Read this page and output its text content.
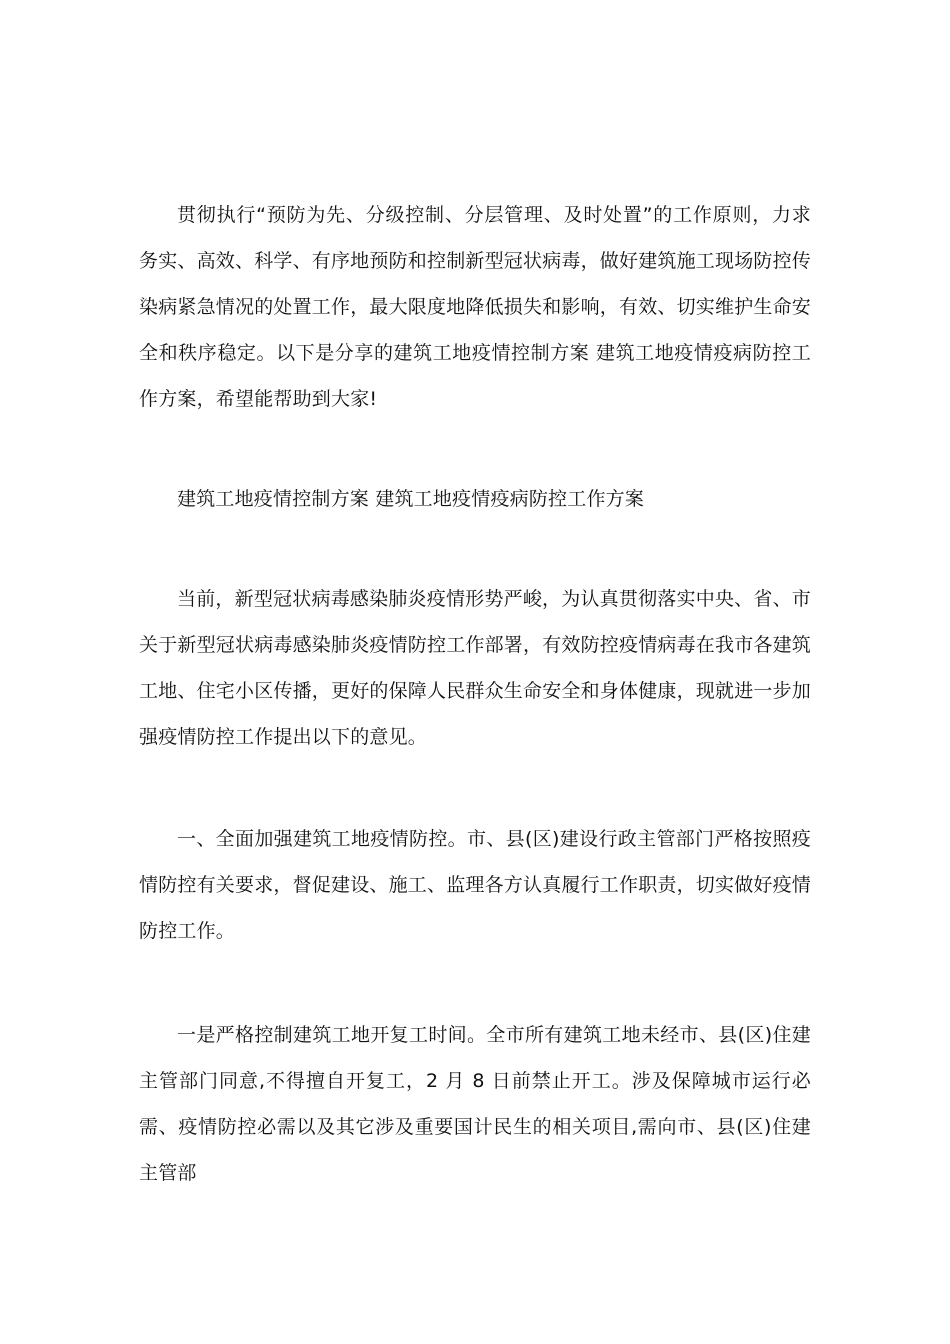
贯彻执行“预防为先、分级控制、分层管理、及时处置”的工作原则，力求务实、高效、科学、有序地预防和控制新型冠状病毒，做好建筑施工现场防控传染病紧急情况的处置工作，最大限度地降低损失和影响，有效、切实维护生命安全和秩序稳定。以下是分享的建筑工地疫情控制方案 建筑工地疫情疫病防控工作方案，希望能帮助到大家!

建筑工地疫情控制方案 建筑工地疫情疫病防控工作方案

当前，新型冠状病毒感染肺炎疫情形势严峻，为认真贯彻落实中央、省、市关于新型冠状病毒感染肺炎疫情防控工作部署，有效防控疫情病毒在我市各建筑工地、住宅小区传播，更好的保障人民群众生命安全和身体健康，现就进一步加强疫情防控工作提出以下的意见。

一、全面加强建筑工地疫情防控。市、县(区)建设行政主管部门严格按照疫情防控有关要求，督促建设、施工、监理各方认真履行工作职责，切实做好疫情防控工作。

一是严格控制建筑工地开复工时间。全市所有建筑工地未经市、县(区)住建主管部门同意,不得擅自开复工，2 月 8 日前禁止开工。涉及保障城市运行必需、疫情防控必需以及其它涉及重要国计民生的相关项目,需向市、县(区)住建主管部
